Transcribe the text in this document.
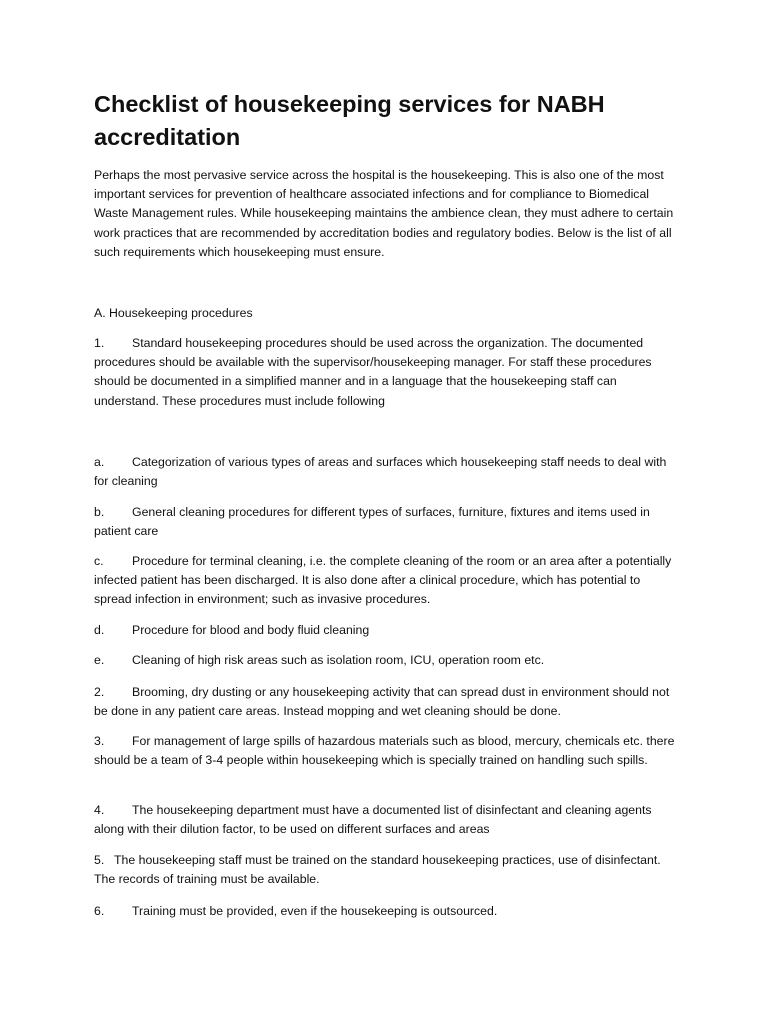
Checklist of housekeeping services for NABH accreditation

Perhaps the most pervasive service across the hospital is the housekeeping. This is also one of the most important services for prevention of healthcare associated infections and for compliance to Biomedical Waste Management rules. While housekeeping maintains the ambience clean, they must adhere to certain work practices that are recommended by accreditation bodies and regulatory bodies. Below is the list of all such requirements which housekeeping must ensure.

A. Housekeeping procedures

1. Standard housekeeping procedures should be used across the organization. The documented procedures should be available with the supervisor/housekeeping manager. For staff these procedures should be documented in a simplified manner and in a language that the housekeeping staff can understand. These procedures must include following

a. Categorization of various types of areas and surfaces which housekeeping staff needs to deal with for cleaning

b. General cleaning procedures for different types of surfaces, furniture, fixtures and items used in patient care

c. Procedure for terminal cleaning, i.e. the complete cleaning of the room or an area after a potentially infected patient has been discharged. It is also done after a clinical procedure, which has potential to spread infection in environment; such as invasive procedures.

d. Procedure for blood and body fluid cleaning

e. Cleaning of high risk areas such as isolation room, ICU, operation room etc.

2. Brooming, dry dusting or any housekeeping activity that can spread dust in environment should not be done in any patient care areas. Instead mopping and wet cleaning should be done.

3. For management of large spills of hazardous materials such as blood, mercury, chemicals etc. there should be a team of 3-4 people within housekeeping which is specially trained on handling such spills.

4. The housekeeping department must have a documented list of disinfectant and cleaning agents along with their dilution factor, to be used on different surfaces and areas

5. The housekeeping staff must be trained on the standard housekeeping practices, use of disinfectant. The records of training must be available.

6. Training must be provided, even if the housekeeping is outsourced.
